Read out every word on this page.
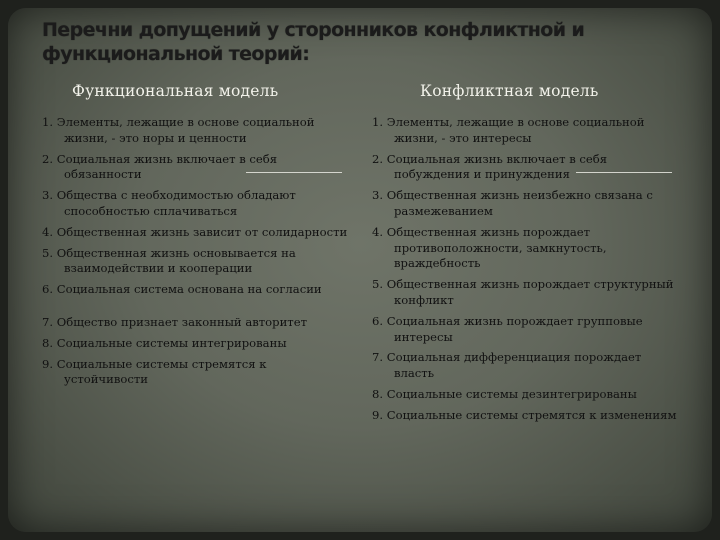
Перечни допущений у сторонников конфликтной и функциональной теорий:
Функциональная модель	Конфликтная модель
1. Элементы, лежащие в основе социальной жизни, - это норы и ценности
2. Социальная жизнь включает в себя обязанности
3. Общества с необходимостью обладают способностью сплачиваться
4. Общественная жизнь зависит от солидарности
5. Общественная жизнь основывается на взаимодействии и кооперации
6. Социальная система основана на согласии
7. Общество признает законный авторитет
8. Социальные системы интегрированы
9. Социальные системы стремятся к устойчивости
1. Элементы, лежащие в основе социальной жизни, - это интересы
2. Социальная жизнь включает в себя побуждения и принуждения
3. Общественная жизнь неизбежно связана с размежеванием
4. Общественная жизнь порождает противоположности, замкнутость, враждебность
5. Общественная жизнь порождает структурный конфликт
6. Социальная жизнь порождает групповые интересы
7. Социальная дифференциация порождает власть
8. Социальные системы дезинтегрированы
9. Социальные системы стремятся к изменениям
